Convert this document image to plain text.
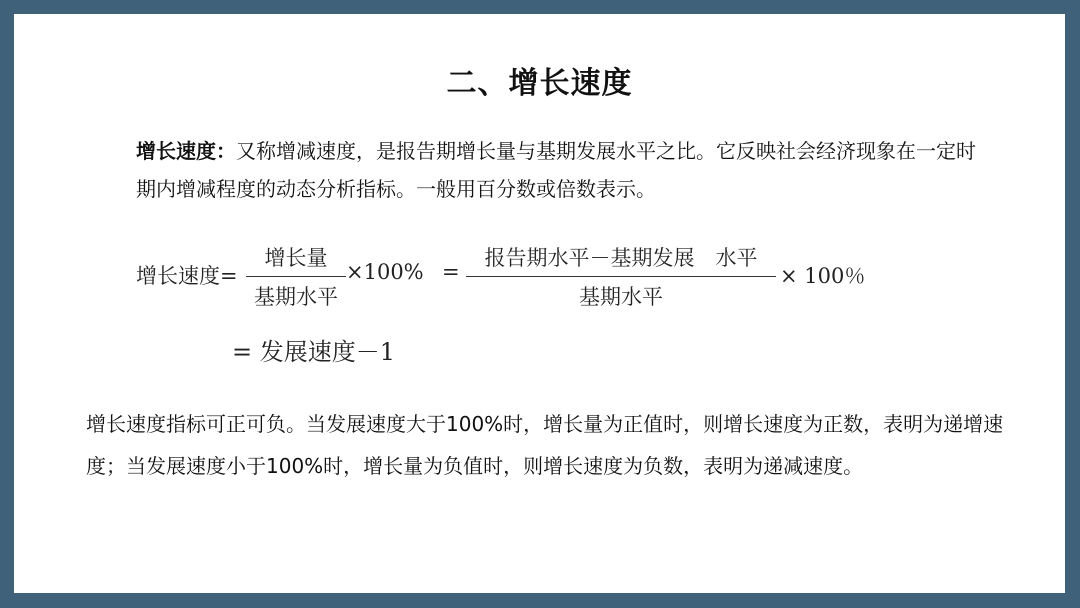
二、增长速度
增长速度：又称增减速度，是报告期增长量与基期发展水平之比。它反映社会经济现象在一定时期内增减程度的动态分析指标。一般用百分数或倍数表示。
增长速度=
增长量
基期水平
×100% =
报告期水平－基期发展　水平
基期水平
× 100％
= 发展速度－1
增长速度指标可正可负。当发展速度大于100%时，增长量为正值时，则增长速度为正数，表明为递增速度；当发展速度小于100%时，增长量为负值时，则增长速度为负数，表明为递减速度。
